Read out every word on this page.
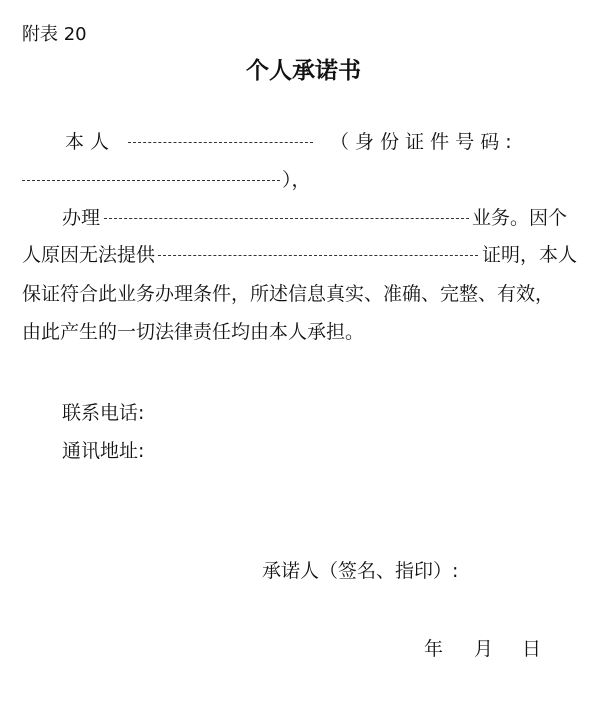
附表 20
个人承诺书
本 人	（ 身 份 证 件 号 码 :
），
办理	业务。因个
人原因无法提供	证明，本人
保证符合此业务办理条件，所述信息真实、准确、完整、有效，
由此产生的一切法律责任均由本人承担。
联系电话:
通讯地址:
承诺人（签名、指印）:
年 月 日
